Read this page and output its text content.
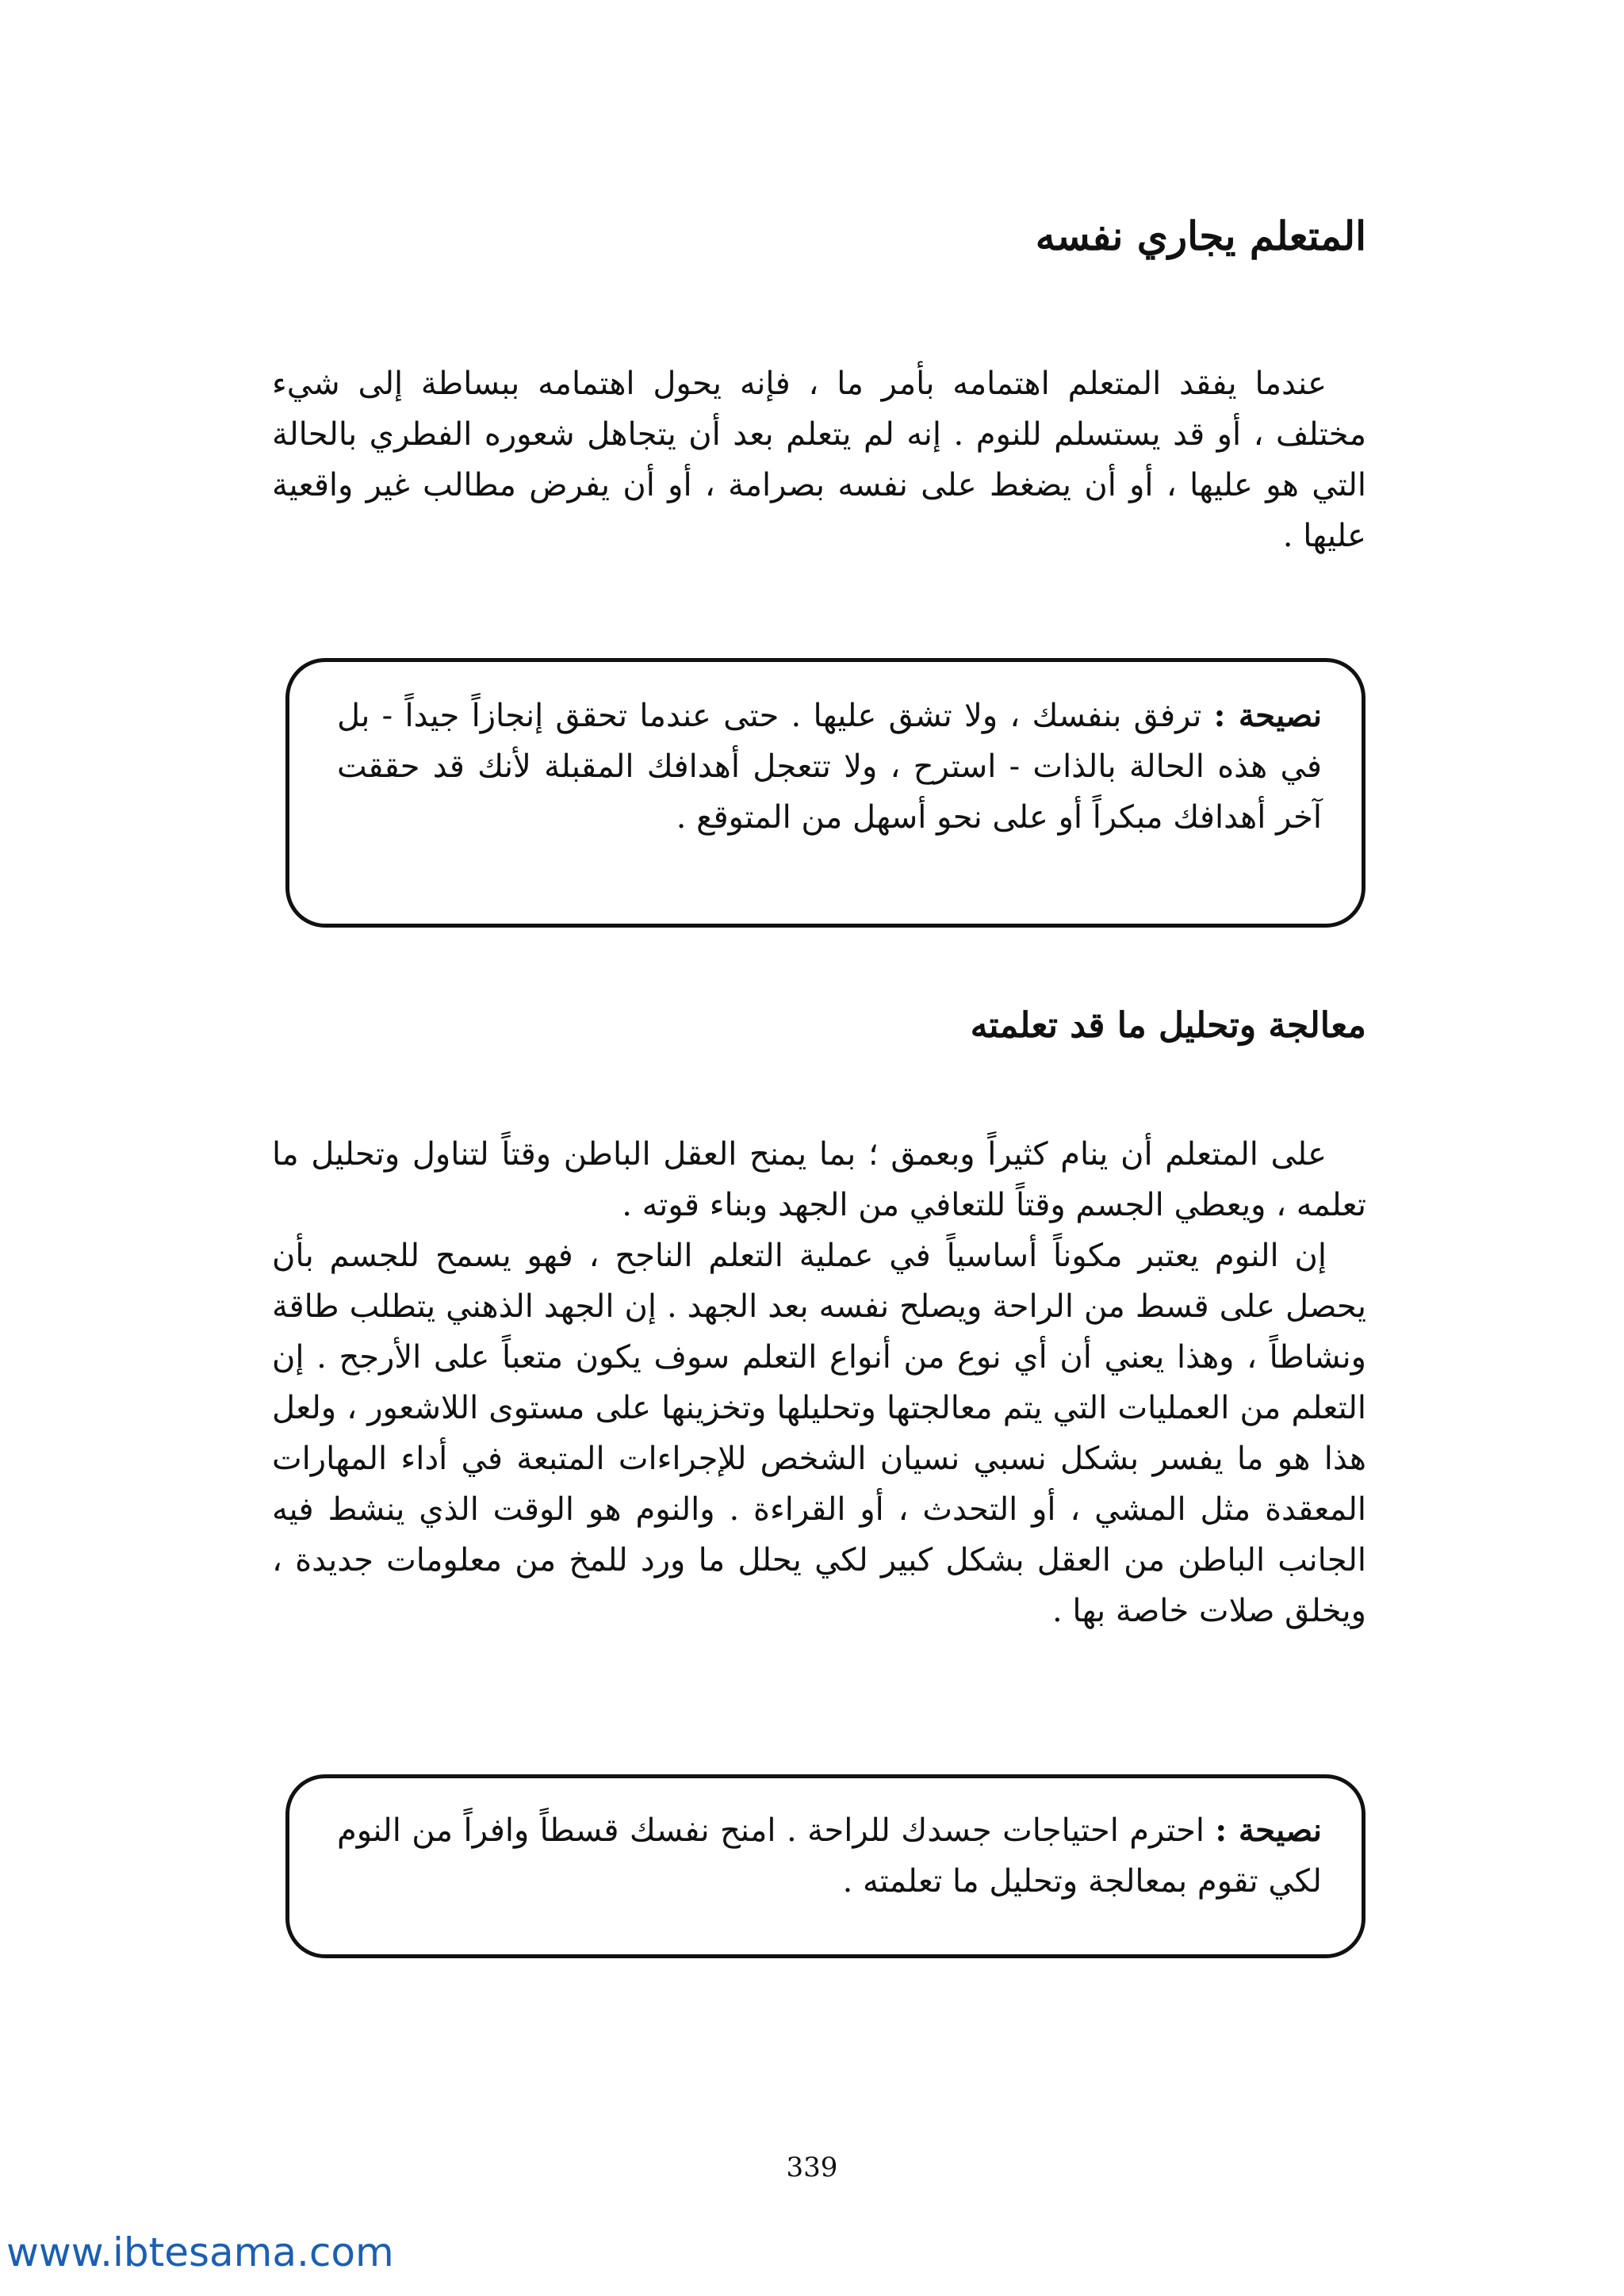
المتعلم يجاري نفسه

عندما يفقد المتعلم اهتمامه بأمر ما ، فإنه يحول اهتمامه ببساطة إلى شيء مختلف ، أو قد يستسلم للنوم . إنه لم يتعلم بعد أن يتجاهل شعوره الفطري بالحالة التي هو عليها ، أو أن يضغط على نفسه بصرامة ، أو أن يفرض مطالب غير واقعية عليها .

نصيحة : ترفق بنفسك ، ولا تشق عليها . حتى عندما تحقق إنجازاً جيداً - بل في هذه الحالة بالذات - استرح ، ولا تتعجل أهدافك المقبلة لأنك قد حققت آخر أهدافك مبكراً أو على نحو أسهل من المتوقع .

معالجة وتحليل ما قد تعلمته

على المتعلم أن ينام كثيراً وبعمق ؛ بما يمنح العقل الباطن وقتاً لتناول وتحليل ما تعلمه ، ويعطي الجسم وقتاً للتعافي من الجهد وبناء قوته .

إن النوم يعتبر مكوناً أساسياً في عملية التعلم الناجح ، فهو يسمح للجسم بأن يحصل على قسط من الراحة ويصلح نفسه بعد الجهد . إن الجهد الذهني يتطلب طاقة ونشاطاً ، وهذا يعني أن أي نوع من أنواع التعلم سوف يكون متعباً على الأرجح . إن التعلم من العمليات التي يتم معالجتها وتحليلها وتخزينها على مستوى اللاشعور ، ولعل هذا هو ما يفسر بشكل نسبي نسيان الشخص للإجراءات المتبعة في أداء المهارات المعقدة مثل المشي ، أو التحدث ، أو القراءة . والنوم هو الوقت الذي ينشط فيه الجانب الباطن من العقل بشكل كبير لكي يحلل ما ورد للمخ من معلومات جديدة ، ويخلق صلات خاصة بها .

نصيحة : احترم احتياجات جسدك للراحة . امنح نفسك قسطاً وافراً من النوم لكي تقوم بمعالجة وتحليل ما تعلمته .

339
www.ibtesama.com
